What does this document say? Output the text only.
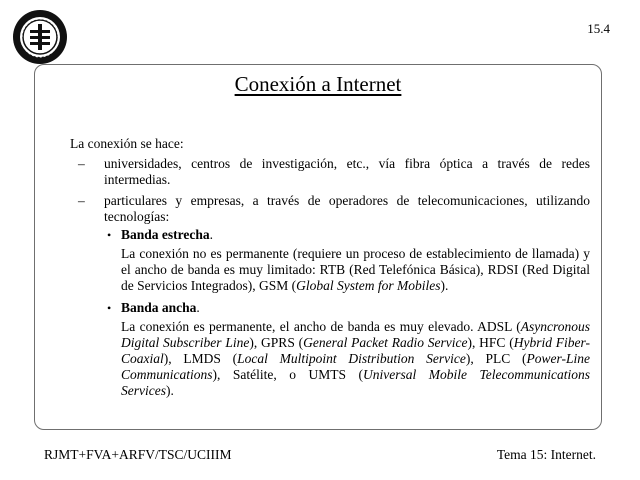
15.4
Conexión a Internet

La conexión se hace:

– universidades, centros de investigación, etc., vía fibra óptica a través de redes intermedias.
– particulares y empresas, a través de operadores de telecomunicaciones, utilizando tecnologías:
• Banda estrecha.

La conexión no es permanente (requiere un proceso de establecimiento de llamada) y el ancho de banda es muy limitado: RTB (Red Telefónica Básica), RDSI (Red Digital de Servicios Integrados), GSM (Global System for Mobiles).

• Banda ancha.

La conexión es permanente, el ancho de banda es muy elevado. ADSL (Asyncronous Digital Subscriber Line), GPRS (General Packet Radio Service), HFC (Hybrid Fiber-Coaxial), LMDS (Local Multipoint Distribution Service), PLC (Power-Line Communications), Satélite, o UMTS (Universal Mobile Telecommunications Services).

RJMT+FVA+ARFV/TSC/UCIIIM	Tema 15: Internet.
